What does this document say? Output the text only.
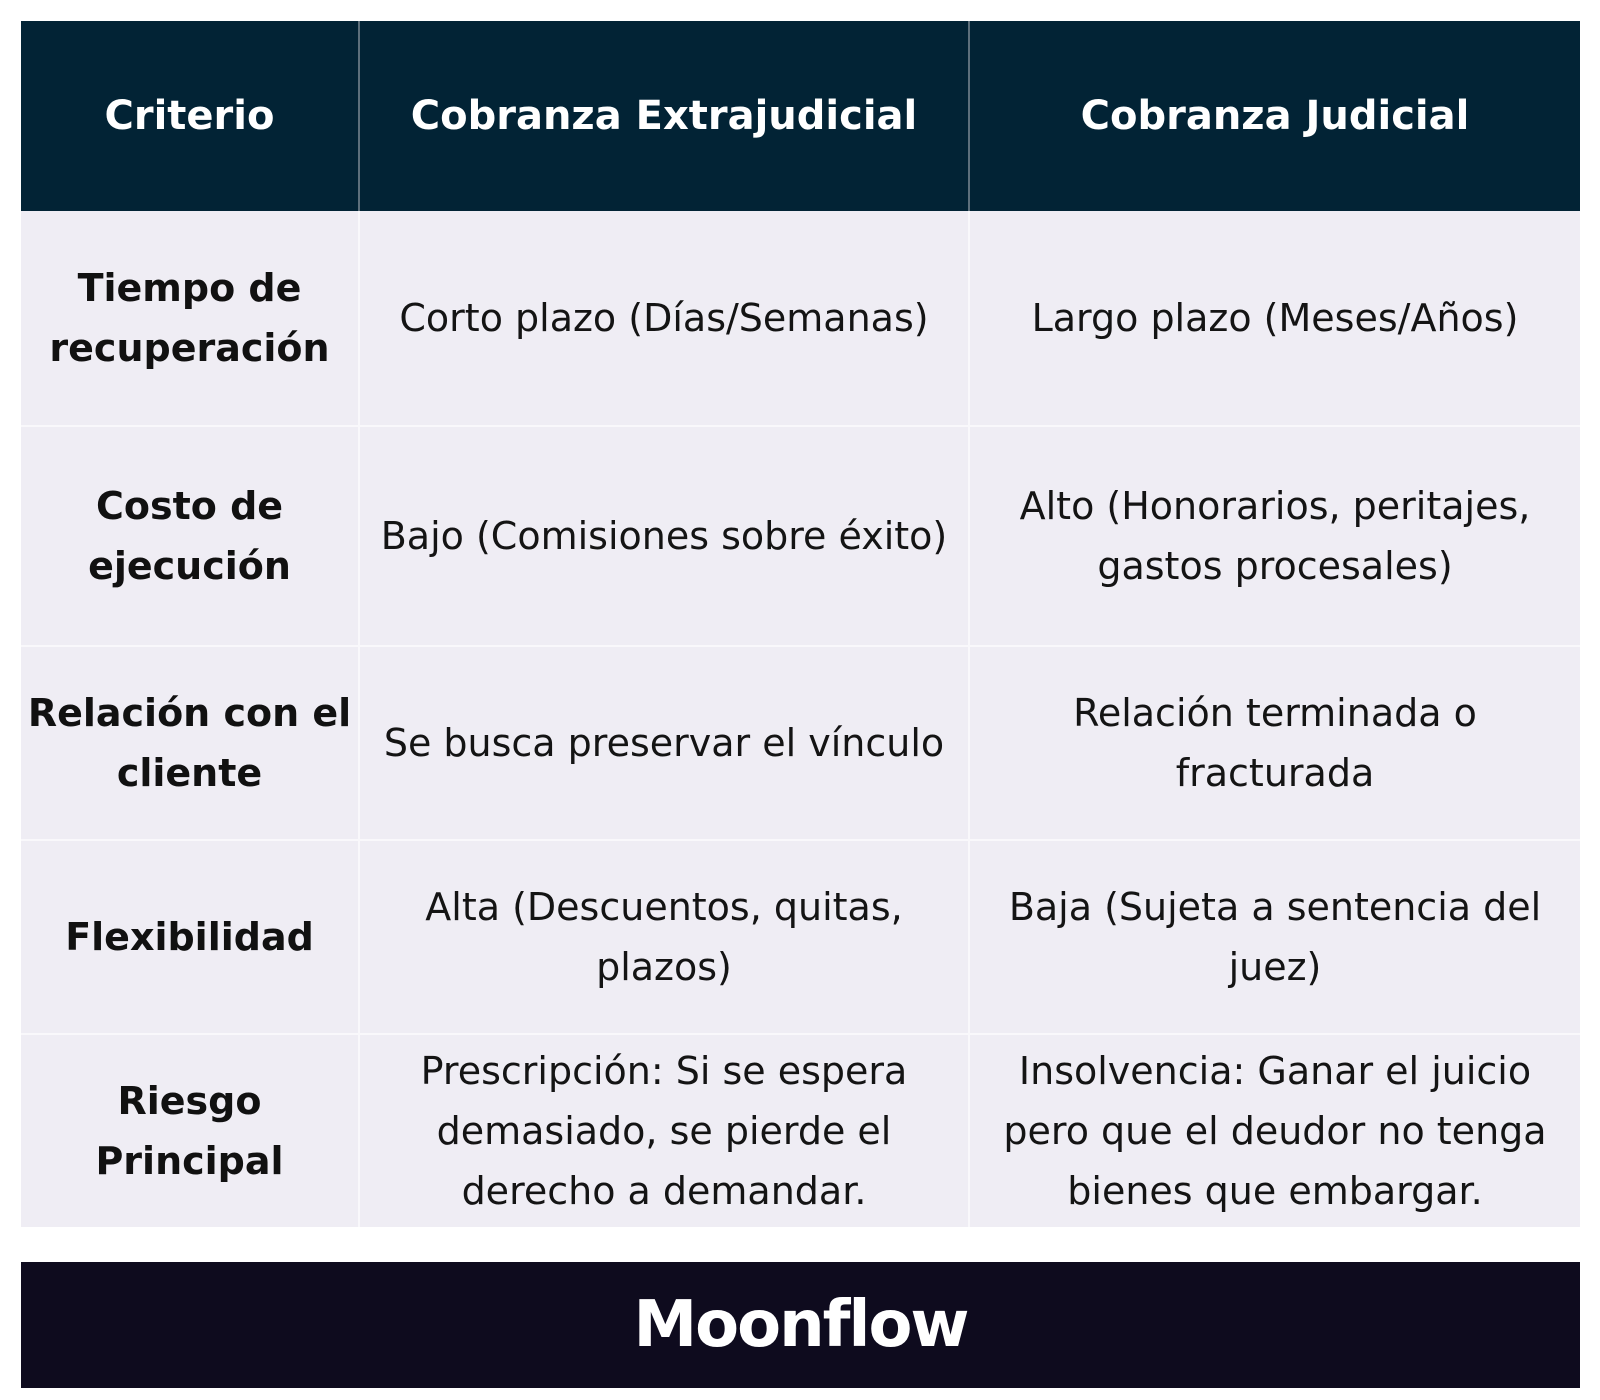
Criterio	Cobranza Extrajudicial	Cobranza Judicial
Tiempo de recuperación	Corto plazo (Días/Semanas)	Largo plazo (Meses/Años)
Costo de ejecución	Bajo (Comisiones sobre éxito)	Alto (Honorarios, peritajes, gastos procesales)
Relación con el cliente	Se busca preservar el vínculo	Relación terminada o fracturada
Flexibilidad	Alta (Descuentos, quitas, plazos)	Baja (Sujeta a sentencia del juez)
Riesgo Principal	Prescripción: Si se espera demasiado, se pierde el derecho a demandar.	Insolvencia: Ganar el juicio pero que el deudor no tenga bienes que embargar.
Moonflow
